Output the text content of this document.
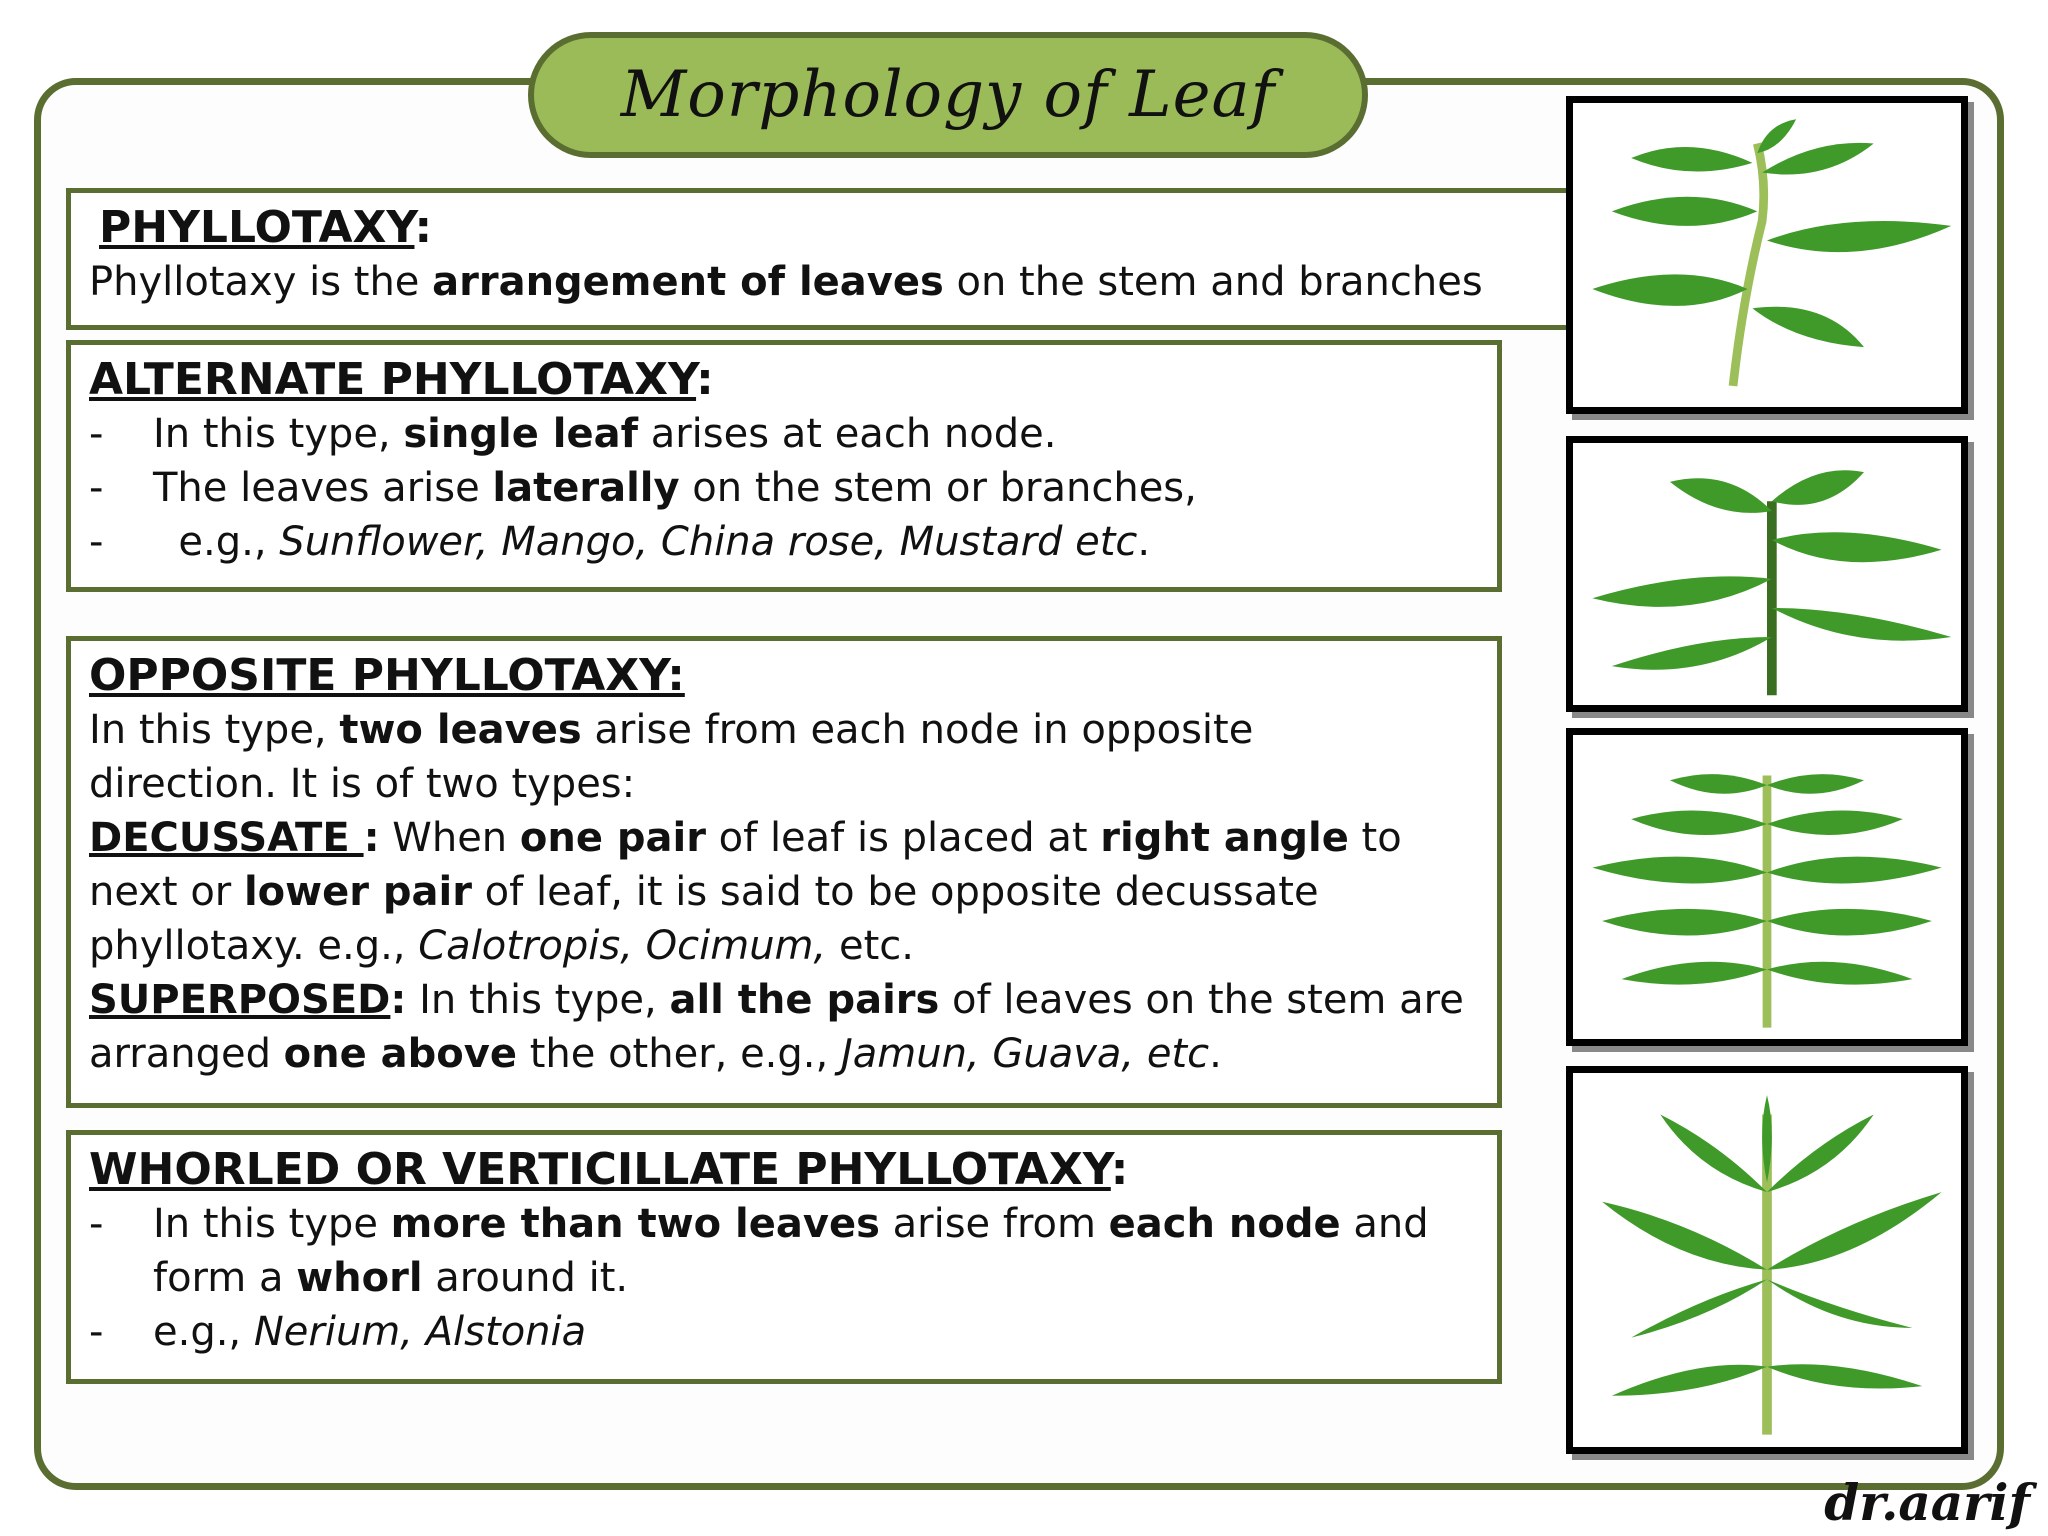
Morphology of Leaf
PHYLLOTAXY:
Phyllotaxy is the arrangement of leaves on the stem and branches
ALTERNATE PHYLLOTAXY:
-	In this type, single leaf arises at each node.
-	The leaves arise laterally on the stem or branches,
-	e.g., Sunflower, Mango, China rose, Mustard etc.
OPPOSITE PHYLLOTAXY:
In this type, two leaves arise from each node in opposite
direction. It is of two types:
DECUSSATE : When one pair of leaf is placed at right angle to
next or lower pair of leaf, it is said to be opposite decussate
phyllotaxy. e.g., Calotropis, Ocimum, etc.
SUPERPOSED: In this type, all the pairs of leaves on the stem are
arranged one above the other, e.g., Jamun, Guava, etc.
WHORLED OR VERTICILLATE PHYLLOTAXY:
-	In this type more than two leaves arise from each node and
form a whorl around it.
-	e.g., Nerium, Alstonia
dr.aarif
